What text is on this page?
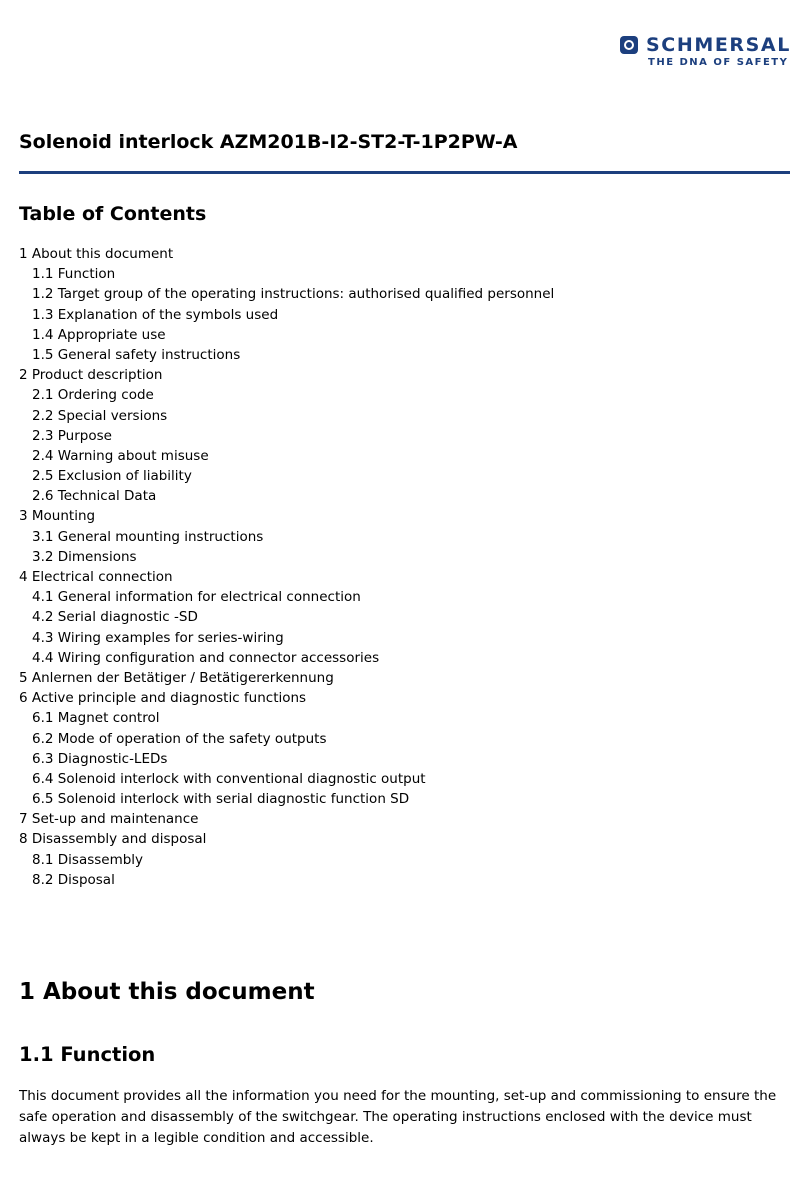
SCHMERSAL
THE DNA OF SAFETY
Solenoid interlock AZM201B-I2-ST2-T-1P2PW-A
Table of Contents
1 About this document
1.1 Function
1.2 Target group of the operating instructions: authorised qualified personnel
1.3 Explanation of the symbols used
1.4 Appropriate use
1.5 General safety instructions
2 Product description
2.1 Ordering code
2.2 Special versions
2.3 Purpose
2.4 Warning about misuse
2.5 Exclusion of liability
2.6 Technical Data
3 Mounting
3.1 General mounting instructions
3.2 Dimensions
4 Electrical connection
4.1 General information for electrical connection
4.2 Serial diagnostic -SD
4.3 Wiring examples for series-wiring
4.4 Wiring configuration and connector accessories
5 Anlernen der Betätiger / Betätigererkennung
6 Active principle and diagnostic functions
6.1 Magnet control
6.2 Mode of operation of the safety outputs
6.3 Diagnostic-LEDs
6.4 Solenoid interlock with conventional diagnostic output
6.5 Solenoid interlock with serial diagnostic function SD
7 Set-up and maintenance
8 Disassembly and disposal
8.1 Disassembly
8.2 Disposal
1 About this document
1.1 Function

This document provides all the information you need for the mounting, set-up and commissioning to ensure the safe operation and disassembly of the switchgear. The operating instructions enclosed with the device must always be kept in a legible condition and accessible.
